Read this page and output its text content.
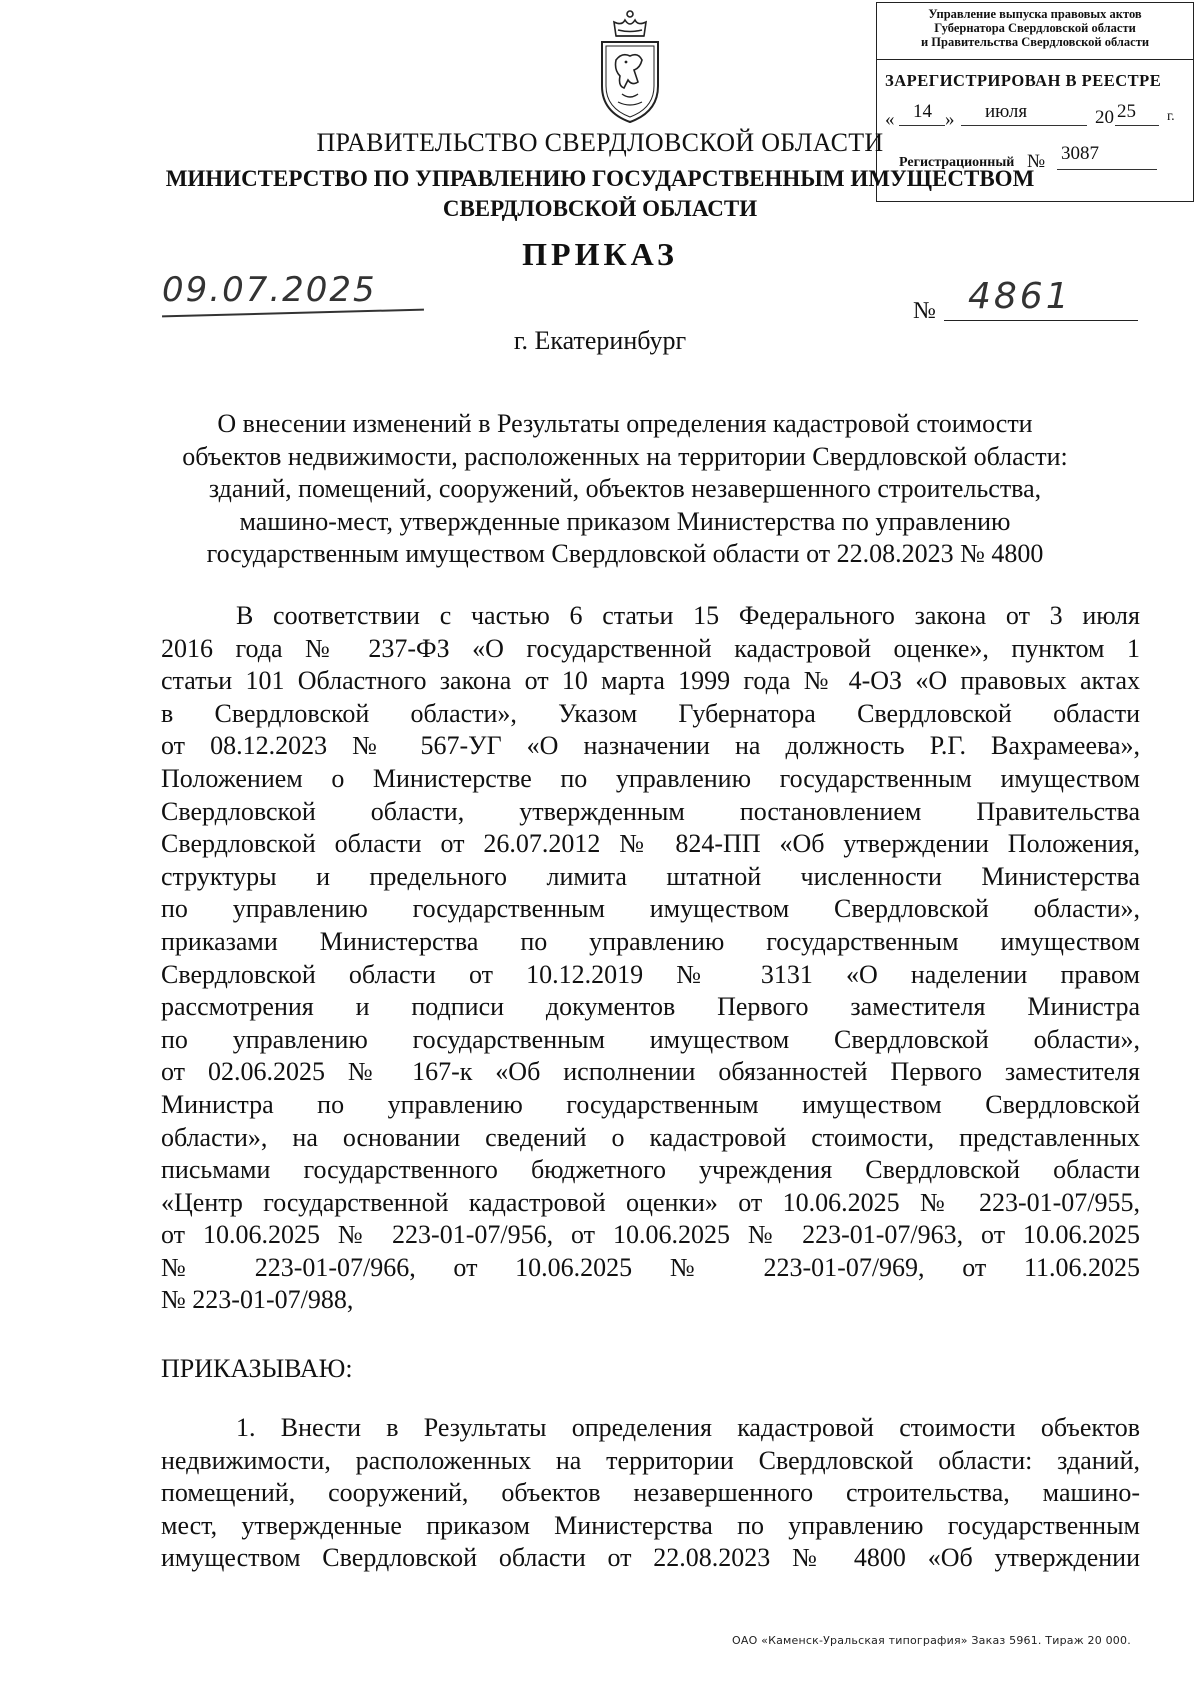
Управление выпуска правовых актов
Губернатора Свердловской области
и Правительства Свердловской области
ЗАРЕГИСТРИРОВАН В РЕЕСТРЕ
« 14 » июля	20 25 г.
Регистрационный № 3087
ПРАВИТЕЛЬСТВО СВЕРДЛОВСКОЙ ОБЛАСТИ
МИНИСТЕРСТВО ПО УПРАВЛЕНИЮ ГОСУДАРСТВЕННЫМ ИМУЩЕСТВОМ
СВЕРДЛОВСКОЙ ОБЛАСТИ
ПРИКАЗ
09.07.2025
№ 4861
г. Екатеринбург
О внесении изменений в Результаты определения кадастровой стоимости
объектов недвижимости, расположенных на территории Свердловской области:
зданий, помещений, сооружений, объектов незавершенного строительства,
машино-мест, утвержденные приказом Министерства по управлению
государственным имуществом Свердловской области от 22.08.2023 № 4800
В соответствии с частью 6 статьи 15 Федерального закона от 3 июля
2016 года № 237-ФЗ «О государственной кадастровой оценке», пунктом 1
статьи 101 Областного закона от 10 марта 1999 года № 4-ОЗ «О правовых актах
в Свердловской области», Указом Губернатора Свердловской области
от 08.12.2023 № 567-УГ «О назначении на должность Р.Г. Вахрамеева»,
Положением о Министерстве по управлению государственным имуществом
Свердловской области, утвержденным постановлением Правительства
Свердловской области от 26.07.2012 № 824-ПП «Об утверждении Положения,
структуры и предельного лимита штатной численности Министерства
по управлению государственным имуществом Свердловской области»,
приказами Министерства по управлению государственным имуществом
Свердловской области от 10.12.2019 № 3131 «О наделении правом
рассмотрения и подписи документов Первого заместителя Министра
по управлению государственным имуществом Свердловской области»,
от 02.06.2025 № 167-к «Об исполнении обязанностей Первого заместителя
Министра по управлению государственным имуществом Свердловской
области», на основании сведений о кадастровой стоимости, представленных
письмами государственного бюджетного учреждения Свердловской области
«Центр государственной кадастровой оценки» от 10.06.2025 № 223-01-07/955,
от 10.06.2025 № 223-01-07/956, от 10.06.2025 № 223-01-07/963, от 10.06.2025
№ 223-01-07/966, от 10.06.2025 № 223-01-07/969, от 11.06.2025
№ 223-01-07/988,
ПРИКАЗЫВАЮ:
1. Внести в Результаты определения кадастровой стоимости объектов
недвижимости, расположенных на территории Свердловской области: зданий,
помещений, сооружений, объектов незавершенного строительства, машино-
мест, утвержденные приказом Министерства по управлению государственным
имуществом Свердловской области от 22.08.2023 № 4800 «Об утверждении
ОАО «Каменск-Уральская типография» Заказ 5961. Тираж 20 000.
